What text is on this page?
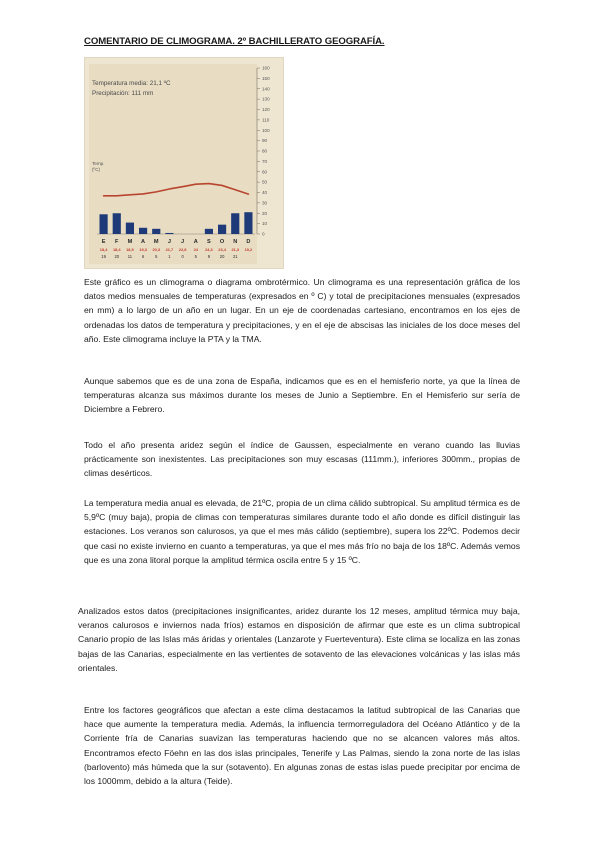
COMENTARIO DE CLIMOGRAMA. 2º BACHILLERATO GEOGRAFÍA.
Temperatura media: 21,1 ºC
Precipitación: 111 mm
Temp.
(ºC)
0
10
20
30
40
50
60
70
80
90
100
110
120
130
140
150
160
E F M A M J J A S O N D
18,4 18,4 18,9 19,3 20,3 21,7 22,8 24 24,3 23,4 21,3 19,2
19 20 11 6	5	1	0	5	9 20 21
Este gráfico es un climograma o diagrama ombrotérmico. Un climograma es una representación gráfica de los datos medios mensuales de temperaturas (expresados en º C) y total de precipitaciones mensuales (expresados en mm) a lo largo de un año en un lugar. En un eje de coordenadas cartesiano, encontramos en los ejes de ordenadas los datos de temperatura y precipitaciones, y en el eje de abscisas las iniciales de los doce meses del año. Este climograma incluye la PTA y la TMA.
Aunque sabemos que es de una zona de España, indicamos que es en el hemisferio norte, ya que la línea de temperaturas alcanza sus máximos durante los meses de Junio a Septiembre. En el Hemisferio sur sería de Diciembre a Febrero.
Todo el año presenta aridez según el índice de Gaussen, especialmente en verano cuando las lluvias prácticamente son inexistentes. Las precipitaciones son muy escasas (111mm.), inferiores 300mm., propias de climas desérticos.
La temperatura media anual es elevada, de 21ºC, propia de un clima cálido subtropical. Su amplitud térmica es de 5,9ºC (muy baja), propia de climas con temperaturas similares durante todo el año donde es difícil distinguir las estaciones. Los veranos son calurosos, ya que el mes más cálido (septiembre), supera los 22ºC. Podemos decir que casi no existe invierno en cuanto a temperaturas, ya que el mes más frío no baja de los 18ºC. Además vemos que es una zona litoral porque la amplitud térmica oscila entre 5 y 15 ºC.
Analizados estos datos (precipitaciones insignificantes, aridez durante los 12 meses, amplitud térmica muy baja, veranos calurosos e inviernos nada fríos) estamos en disposición de afirmar que este es un clima subtropical Canario propio de las Islas más áridas y orientales (Lanzarote y Fuerteventura). Este clima se localiza en las zonas bajas de las Canarias, especialmente en las vertientes de sotavento de las elevaciones volcánicas y las islas más orientales.
Entre los factores geográficos que afectan a este clima destacamos la latitud subtropical de las Canarias que hace que aumente la temperatura media. Además, la influencia termorreguladora del Océano Atlántico y de la Corriente fría de Canarias suavizan las temperaturas haciendo que no se alcancen valores más altos. Encontramos efecto Föehn en las dos islas principales, Tenerife y Las Palmas, siendo la zona norte de las islas (barlovento) más húmeda que la sur (sotavento). En algunas zonas de estas islas puede precipitar por encima de los 1000mm, debido a la altura (Teide).
